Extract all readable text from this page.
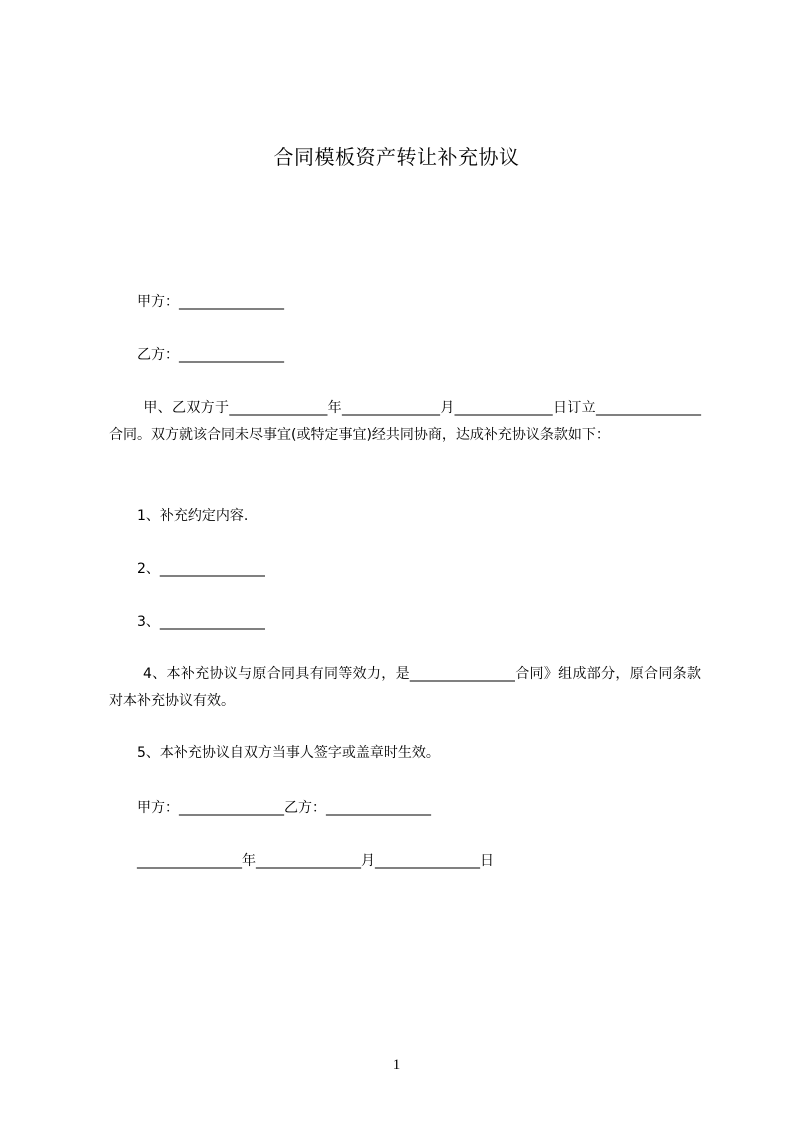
合同模板资产转让补充协议
甲方：_______________
乙方：_______________
甲、乙双方于______________年______________月______________日订立_______________合同。双方就该合同未尽事宜(或特定事宜)经共同协商，达成补充协议条款如下：
1、补充约定内容.
2、_______________
3、_______________
4、本补充协议与原合同具有同等效力，是_______________合同》组成部分，原合同条款对本补充协议有效。
5、本补充协议自双方当事人签字或盖章时生效。
甲方：_______________乙方：_______________
_______________年_______________月_______________日
1
